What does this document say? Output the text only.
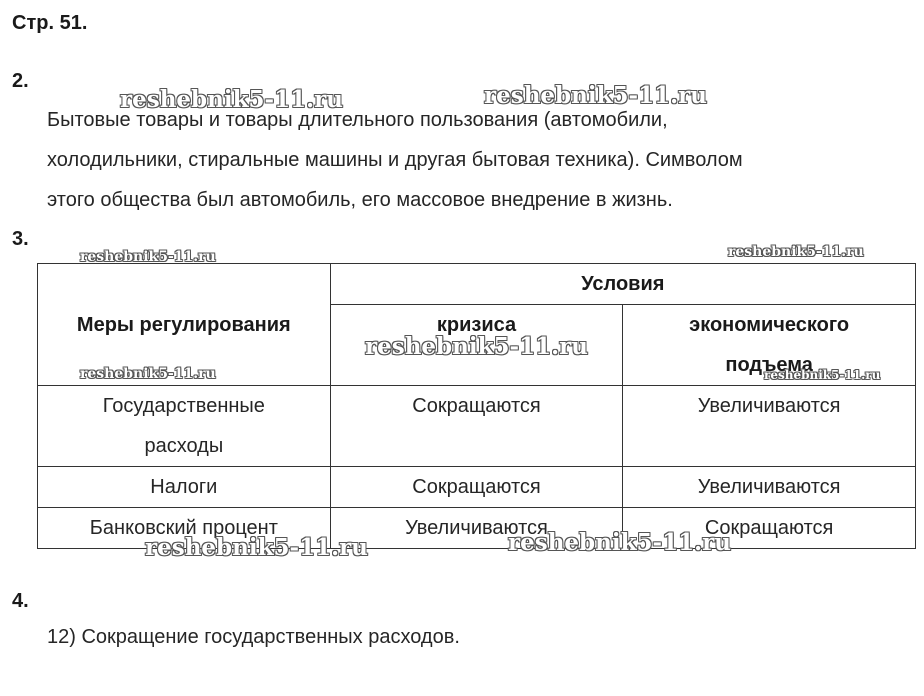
Стр. 51.
2.
Бытовые товары и товары длительного пользования (автомобили,
холодильники, стиральные машины и другая бытовая техника). Символом
этого общества был автомобиль, его массовое внедрение в жизнь.
3.
Меры регулирования	Условия	
	кризиса	экономического
подъема

Государственные
расходы	Сокращаются	Увеличиваются
Налоги	Сокращаются	Увеличиваются
Банковский процент	Увеличиваются	Сокращаются
4.
12) Сокращение государственных расходов.
reshebnik5-11.ru	reshebnik5-11.ru
reshebnik5-11.ru	reshebnik5-11.ru
reshebnik5-11.ru
reshebnik5-11.ru	reshebnik5-11.ru
reshebnik5-11.ru	reshebnik5-11.ru
